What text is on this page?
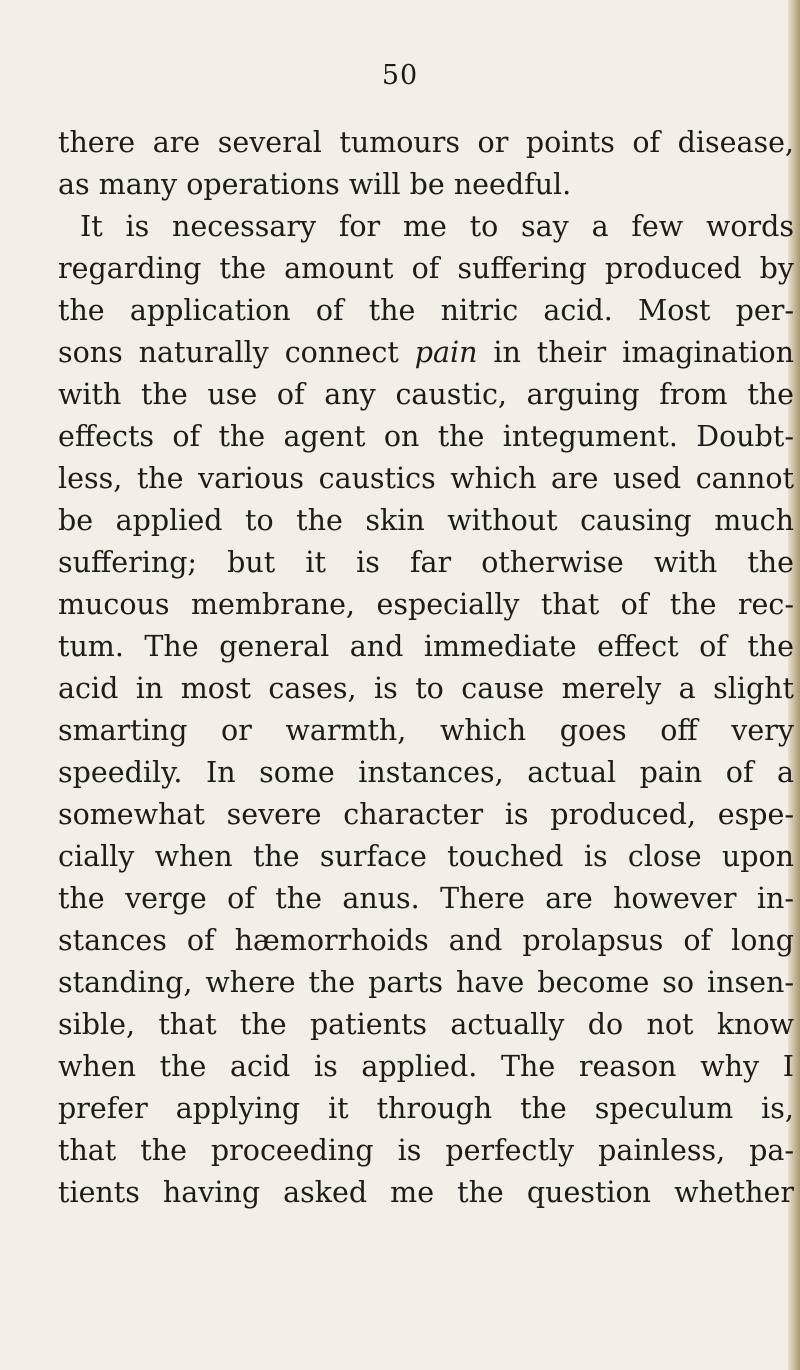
50
there are several tumours or points of disease,
as many operations will be needful.
It is necessary for me to say a few words
regarding the amount of suffering produced by
the application of the nitric acid. Most per-
sons naturally connect pain in their imagination
with the use of any caustic, arguing from the
effects of the agent on the integument. Doubt-
less, the various caustics which are used cannot
be applied to the skin without causing much
suffering; but it is far otherwise with the
mucous membrane, especially that of the rec-
tum. The general and immediate effect of the
acid in most cases, is to cause merely a slight
smarting or warmth, which goes off very
speedily. In some instances, actual pain of a
somewhat severe character is produced, espe-
cially when the surface touched is close upon
the verge of the anus. There are however in-
stances of hæmorrhoids and prolapsus of long
standing, where the parts have become so insen-
sible, that the patients actually do not know
when the acid is applied. The reason why I
prefer applying it through the speculum is,
that the proceeding is perfectly painless, pa-
tients having asked me the question whether
